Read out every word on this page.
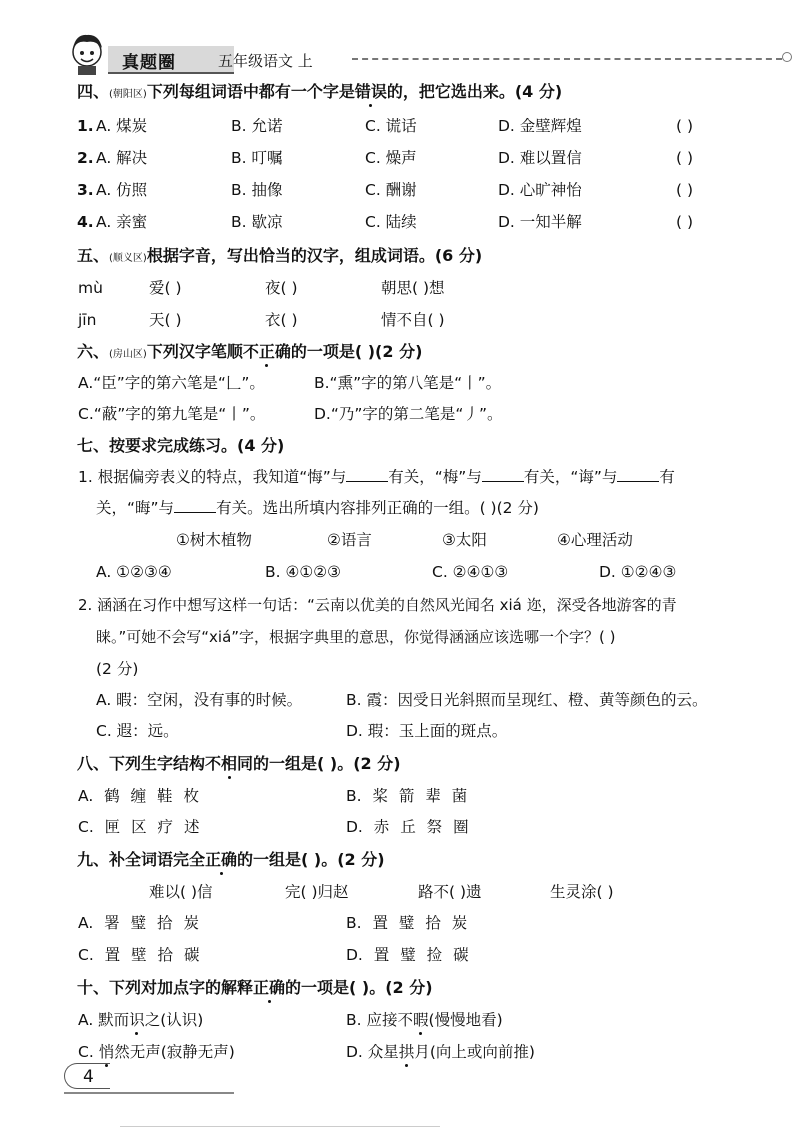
真题圈	五年级语文 上
四、(朝阳区)下列每组词语中都有一个字是错误的，把它选出来。(4 分)
1. A. 煤炭	B. 允诺	C. 谎话	D. 金壁辉煌	( )
2. A. 解决	B. 叮嘱	C. 燥声	D. 难以置信	( )
3. A. 仿照	B. 抽像	C. 酬谢	D. 心旷神怡	( )
4. A. 亲蜜	B. 歇凉	C. 陆续	D. 一知半解	( )
五、(顺义区)根据字音，写出恰当的汉字，组成词语。(6 分)
mù	爱( )	夜( )	朝思( )想
jīn	天( )	衣( )	情不自( )
六、(房山区)下列汉字笔顺不正确的一项是( )(2 分)
A.“臣”字的第六笔是“𠃊”。	B.“熏”字的第八笔是“丨”。
C.“蔽”字的第九笔是“丨”。	D.“乃”字的第二笔是“丿”。
七、按要求完成练习。(4 分)
1. 根据偏旁表义的特点，我知道“悔”与	有关，“梅”与	有关，“诲”与	有
关，“晦”与	有关。选出所填内容排列正确的一组。( )(2 分)
①树木植物	②语言	③太阳	④心理活动
A. ①②③④	B. ④①②③	C. ②④①③	D. ①②④③
2. 涵涵在习作中想写这样一句话：“云南以优美的自然风光闻名 xiá 迩，深受各地游客的青
睐。”可她不会写“xiá”字，根据字典里的意思，你觉得涵涵应该选哪一个字？( )
(2 分)
A. 暇：空闲，没有事的时候。	B. 霞：因受日光斜照而呈现红、橙、黄等颜色的云。
C. 遐：远。	D. 瑕：玉上面的斑点。
八、下列生字结构不相同的一组是( )。(2 分)
A. 鹤 缠 鞋 枚	B. 桨 箭 辈 菌
C. 匣 区 疗 述	D. 赤 丘 祭 圈
九、补全词语完全正确的一组是( )。(2 分)
难以( )信	完( )归赵	路不( )遗	生灵涂( )
A. 署 璧 拾 炭	B. 置 璧 拾 炭
C. 置 壁 拾 碳	D. 置 璧 捡 碳
十、下列对加点字的解释正确的一项是( )。(2 分)
A. 默而识之(认识)	B. 应接不暇(慢慢地看)
C. 悄然无声(寂静无声)	D. 众星拱月(向上或向前推)
4
